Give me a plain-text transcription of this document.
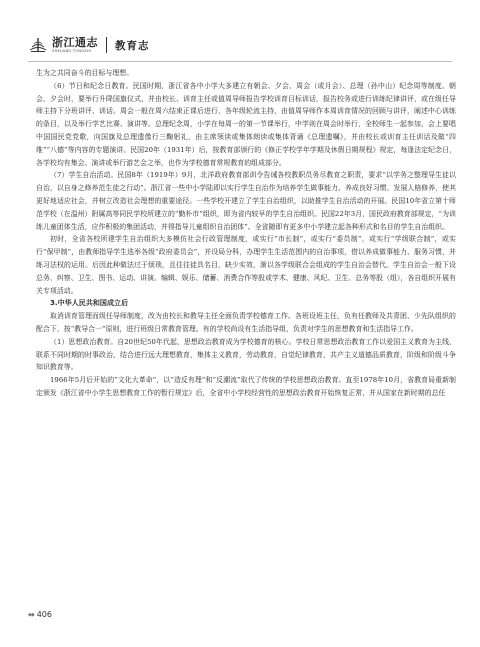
浙江通志
ZHEJIANG TONGZHI	教育志

生为之共同奋斗的目标与理想。

（6）节日和纪念日教育。民国时期，浙江省各中小学大多建立有朝会、夕会、周会（或月会）、总理（孙中山）纪念周等制度。朝会、夕会时，要举行升降国旗仪式，并由校长、训育主任或值周导师报告学校训育目标训话，报告校务或进行训练纪律讲评，或在级任导师主持下分班讲评、训话。周会一般在周六结束正课后进行，各年级轮流主持，由值周导师作本周训育情况的回顾与讲评，阐述中心训练的条目，以及举行学艺比赛、演讲等。总理纪念周，小学在每周一的第一节课举行，中学则在周会时举行，全校师生一起参加，会上要唱中国国民党党歌，向国旗及总理遗像行三鞠躬礼，由主席领读或集体朗读或集体背诵《总理遗嘱》，并由校长或训育主任训话及做“四维”“八德”等内容的专题演讲。民国20年（1931年）后，按教育部颁行的《修正学校学年学期及休假日期规程》规定，每逢法定纪念日，各学校均有集会、演讲或举行游艺会之举，也作为学校德育常规教育的组成部分。

（7）学生自治活动。民国8年（1919年）9月，北洋政府教育部训令告诫各校教职员务尽教育之职责，要求“以学务之整理导生徒以自治，以自身之修养范生徒之行动”。浙江省一些中小学陆即以实行学生自治作为培养学生做事能力、养成良好习惯、发展人格修养，使其更好地适应社会，并树立改造社会理想的重要途径。一些学校开建立了学生自治组织，以助推学生自治活动的开展。民国10年省立第十师范学校（在温州）附属高等同民学校所建立的“勤朴市”组织，即为省内较早的学生自治组织。民国22年3月，国民政府教育部规定，“为训练儿童团体生活，应作积极的集团活动，并得指导儿童组织自治团体”。全省随即有更多中小学建立起各种形式和名目的学生自治组织。

初时，全省各校所建学生自治组织大多模仿社会行政管理制度，或实行“市长制”，或实行“委员制”，或实行“学级联合制”，或实行“保甲制”，由教师指导学生选举各级“政府委员会”，并设局分科，办理学生生活范围内的自治事项，借以养成做事能力、服务习惯，并练习法权的运用。后因此种做法过于烦琐，且往往徒具名目，缺少实效，渐以各学级联合会组成的学生自治会替代。学生自治会一般下设总务、纠察、卫生、图书、运动、讲演、编辑、娱乐、储蓄、消费合作等股或学术、健康、风纪、卫生、总务等股（组），各自组织开展有关专项活动。

3.中华人民共和国成立后

取消训育管理而级任导师制度，改为由校长和教导主任全面负责学校德育工作。各班设班主任，负有任教师及共青团、少先队组织的配合下，按“教导合一”原则，进行班级日常教育管理。有的学校尚设有生活指导组，负责对学生的思想教育和生活指导工作。

（1）思想政治教育。自20世纪50年代起，思想政治教育成为学校德育的核心。学校日常思想政治教育工作以爱国主义教育为主线，联系不同时期的时事政治，结合进行远大理想教育，集体主义教育，劳动教育，自觉纪律教育，共产主义道德品质教育，阶级和阶级斗争知识教育等。

1966年5月后开始的“文化大革命”，以“造反有理”和“反潮流”取代了传统的学校思想政治教育。直至1978年10月，省教育局重新制定颁发《浙江省中小学生思想教育工作的暂行规定》后，全省中小学校经营性的思想政治教育开始恢复正常，并从国家在新时期的总任

◆◆ 406
